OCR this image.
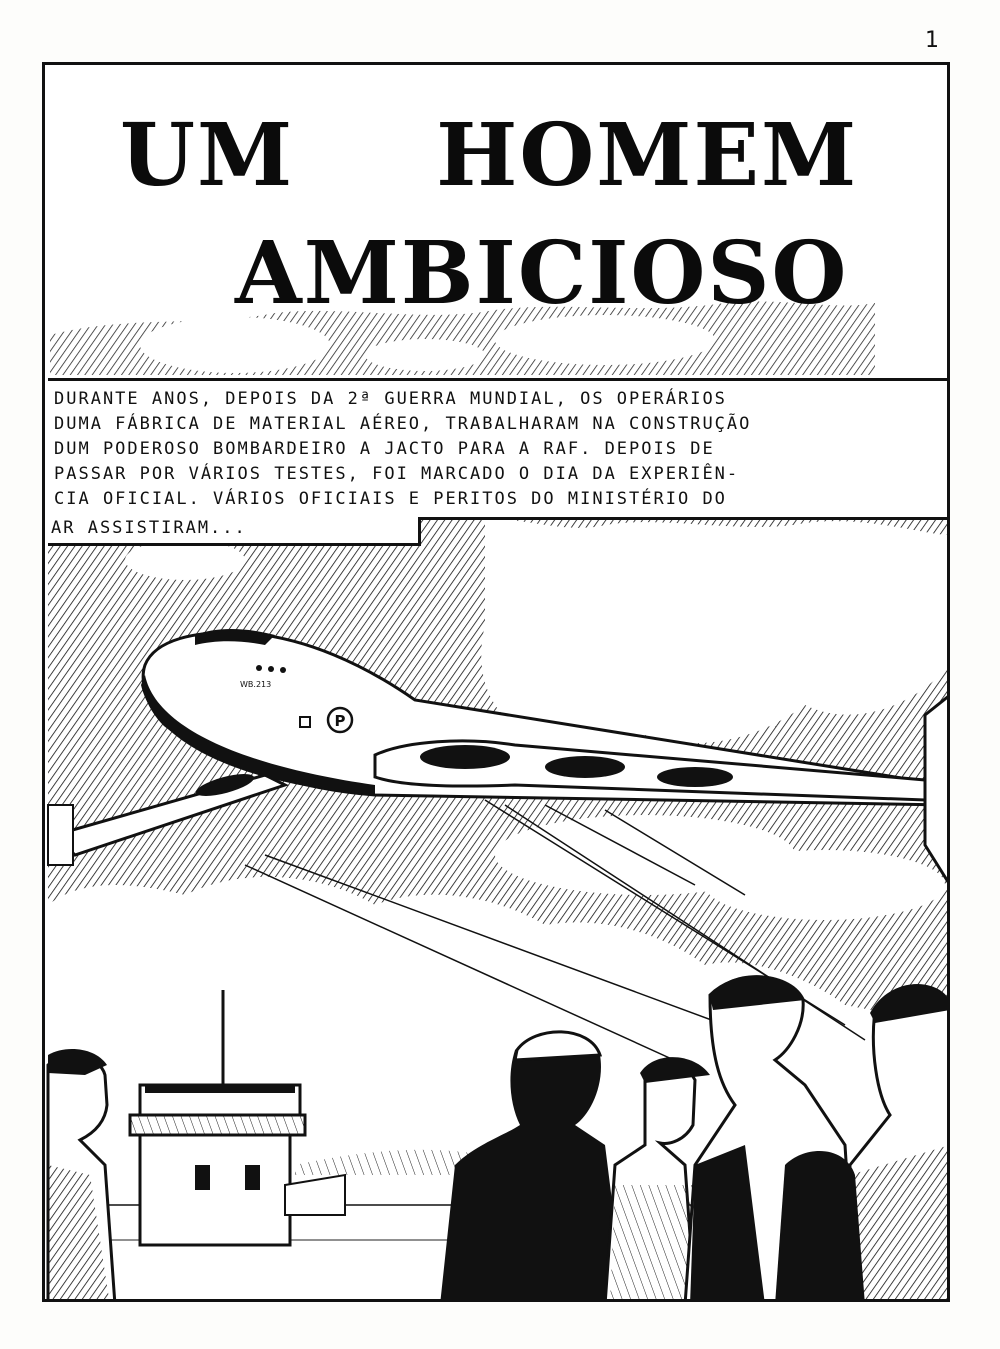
1
P
WB.213
UM HOMEM
AMBICIOSO
DURANTE ANOS, DEPOIS DA 2ª GUERRA MUNDIAL, OS OPERÁRIOS
DUMA FÁBRICA DE MATERIAL AÉREO, TRABALHARAM NA CONSTRUÇÃO
DUM PODEROSO BOMBARDEIRO A JACTO PARA A RAF. DEPOIS DE
PASSAR POR VÁRIOS TESTES, FOI MARCADO O DIA DA EXPERIÊN-
CIA OFICIAL. VÁRIOS OFICIAIS E PERITOS DO MINISTÉRIO DO
AR ASSISTIRAM...
